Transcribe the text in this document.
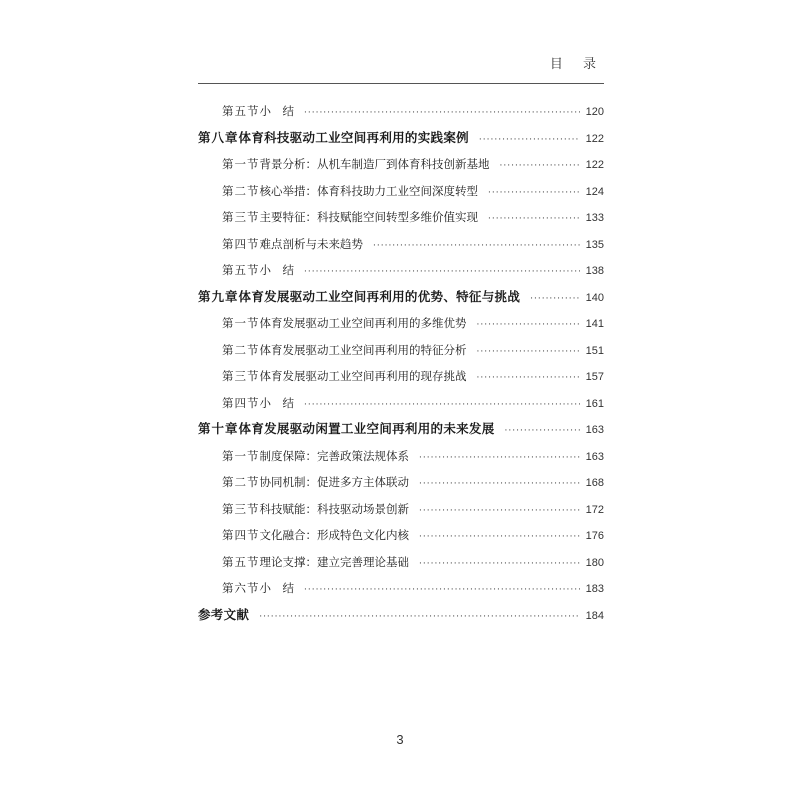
目 录
第五节 小　结 ·····	120
第八章 体育科技驱动工业空间再利用的实践案例 ·····	122
第一节 背景分析：从机车制造厂到体育科技创新基地 ·····	122
第二节 核心举措：体育科技助力工业空间深度转型 ·····	124
第三节 主要特征：科技赋能空间转型多维价值实现 ·····	133
第四节 难点剖析与未来趋势 ·····	135
第五节 小　结 ·····	138
第九章 体育发展驱动工业空间再利用的优势、特征与挑战 ·····	140
第一节 体育发展驱动工业空间再利用的多维优势 ·····	141
第二节 体育发展驱动工业空间再利用的特征分析 ·····	151
第三节 体育发展驱动工业空间再利用的现存挑战 ·····	157
第四节 小　结 ·····	161
第十章 体育发展驱动闲置工业空间再利用的未来发展 ·····	163
第一节 制度保障：完善政策法规体系 ·····	163
第二节 协同机制：促进多方主体联动 ·····	168
第三节 科技赋能：科技驱动场景创新 ·····	172
第四节 文化融合：形成特色文化内核 ·····	176
第五节 理论支撑：建立完善理论基础 ·····	180
第六节 小　结 ·····	183
参考文献 ·····	184
3
